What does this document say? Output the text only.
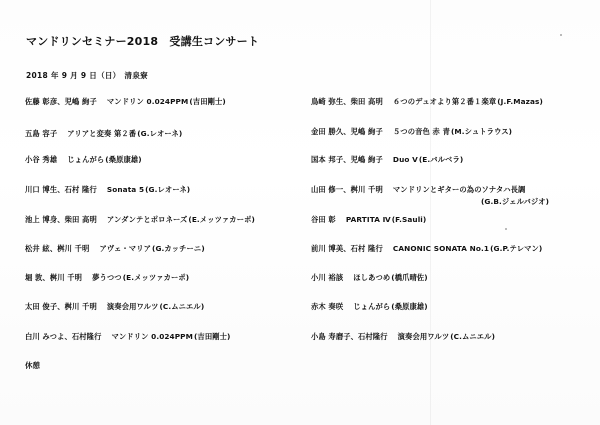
マンドリンセミナー2018　受講生コンサート
2018 年 9 月 9 日（日）　清泉寮
佐藤 彰彦、児嶋 絢子　 マンドリン 0.024PPM(吉田剛士)
五島 容子　 アリアと変奏 第２番(G.レオーネ)
小谷 秀雄　 じょんがら(桑原康雄)
川口 博生、石村 隆行　 Sonata 5(G.レオーネ)
池上 博身、柴田 高明　 アンダンテとポロネーズ(E.メッツァカーポ)
松井 絃、桝川 千明　 アヴェ・マリア(G.カッチーニ)
堀 敦、桝川 千明　 夢うつつ(E.メッツァカーポ)
太田 俊子、桝川 千明　 演奏会用ワルツ(C.ムニエル)
白川 みつよ、石村隆行　 マンドリン 0.024PPM(吉田剛士)
鳥崎 弥生、柴田 高明　 ６つのデュオより第２番１楽章(J.F.Mazas)
金田 勝久、児嶋 絢子　 ５つの音色 赤 青(M.シュトラウス)
国本 邦子、児嶋 絢子　 Duo V(E.バルベラ)
山田 修一、桝川 千明　 マンドリンとギターの為のソナタハ長調
(G.B.ジェルバジオ)
谷田 彰　 PARTITA Ⅳ(F.Sauli)
前川 博美、石村 隆行　 CANONIC SONATA No.1(G.P.テレマン)
小川 裕該　 ほしあつめ(橋爪晴佐)
赤木 奏咲　 じょんがら(桑原康雄)
小島 寿磨子、石村隆行　 演奏会用ワルツ(C.ムニエル)
休憩
